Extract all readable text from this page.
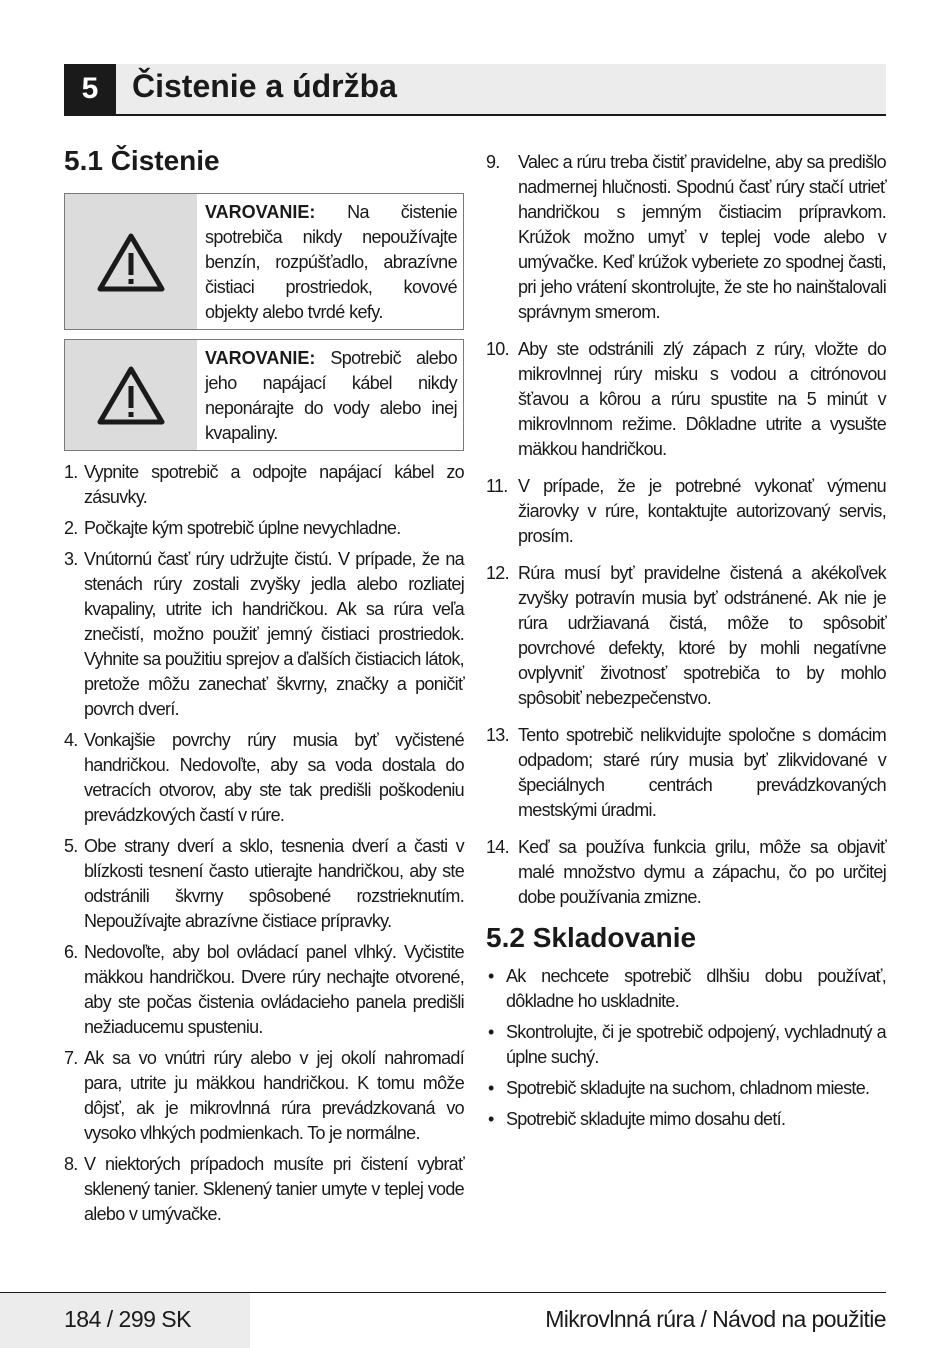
5	Čistenie a údržba
5.1 Čistenie
VAROVANIE: Na čistenie spotrebiča nikdy nepoužívajte benzín, rozpúšťadlo, abrazívne čistiaci prostriedok, kovové objekty alebo tvrdé kefy.
VAROVANIE: Spotrebič alebo jeho napájací kábel nikdy neponárajte do vody alebo inej kvapaliny.
1. Vypnite spotrebič a odpojte napájací kábel zo zásuvky.
2. Počkajte kým spotrebič úplne nevychladne.
3. Vnútornú časť rúry udržujte čistú. V prípade, že na stenách rúry zostali zvyšky jedla alebo rozliatej kvapaliny, utrite ich handričkou. Ak sa rúra veľa znečistí, možno použiť jemný čistiaci prostriedok. Vyhnite sa použitiu sprejov a ďalších čistiacich látok, pretože môžu zanechať škvrny, značky a poničiť povrch dverí.
4. Vonkajšie povrchy rúry musia byť vyčistené handričkou. Nedovoľte, aby sa voda dostala do vetracích otvorov, aby ste tak predišli poškodeniu prevádzkových častí v rúre.
5. Obe strany dverí a sklo, tesnenia dverí a časti v blízkosti tesnení často utierajte handričkou, aby ste odstránili škvrny spôsobené rozstrieknutím. Nepoužívajte abrazívne čistiace prípravky.
6. Nedovoľte, aby bol ovládací panel vlhký. Vyčistite mäkkou handričkou. Dvere rúry nechajte otvorené, aby ste počas čistenia ovládacieho panela predišli nežiaducemu spusteniu.
7. Ak sa vo vnútri rúry alebo v jej okolí nahromadí para, utrite ju mäkkou handričkou. K tomu môže dôjsť, ak je mikrovlnná rúra prevádzkovaná vo vysoko vlhkých podmienkach. To je normálne.
8. V niektorých prípadoch musíte pri čistení vybrať sklenený tanier. Sklenený tanier umyte v teplej vode alebo v umývačke.
9. Valec a rúru treba čistiť pravidelne, aby sa predišlo nadmernej hlučnosti. Spodnú časť rúry stačí utrieť handričkou s jemným čistiacim prípravkom. Krúžok možno umyť v teplej vode alebo v umývačke. Keď krúžok vyberiete zo spodnej časti, pri jeho vrátení skontrolujte, že ste ho nainštalovali správnym smerom.
10. Aby ste odstránili zlý zápach z rúry, vložte do mikrovlnnej rúry misku s vodou a citrónovou šťavou a kôrou a rúru spustite na 5 minút v mikrovlnnom režime. Dôkladne utrite a vysušte mäkkou handričkou.
11. V prípade, že je potrebné vykonať výmenu žiarovky v rúre, kontaktujte autorizovaný servis, prosím.
12. Rúra musí byť pravidelne čistená a akékoľvek zvyšky potravín musia byť odstránené. Ak nie je rúra udržiavaná čistá, môže to spôsobiť povrchové defekty, ktoré by mohli negatívne ovplyvniť životnosť spotrebiča to by mohlo spôsobiť nebezpečenstvo.
13. Tento spotrebič nelikvidujte spoločne s domácim odpadom; staré rúry musia byť zlikvidované v špeciálnych centrách prevádzkovaných mestskými úradmi.
14. Keď sa používa funkcia grilu, môže sa objaviť malé množstvo dymu a zápachu, čo po určitej dobe používania zmizne.
5.2 Skladovanie
• Ak nechcete spotrebič dlhšiu dobu používať, dôkladne ho uskladnite.
• Skontrolujte, či je spotrebič odpojený, vychladnutý a úplne suchý.
• Spotrebič skladujte na suchom, chladnom mieste.
• Spotrebič skladujte mimo dosahu detí.
184 / 299 SK	Mikrovlnná rúra / Návod na použitie
